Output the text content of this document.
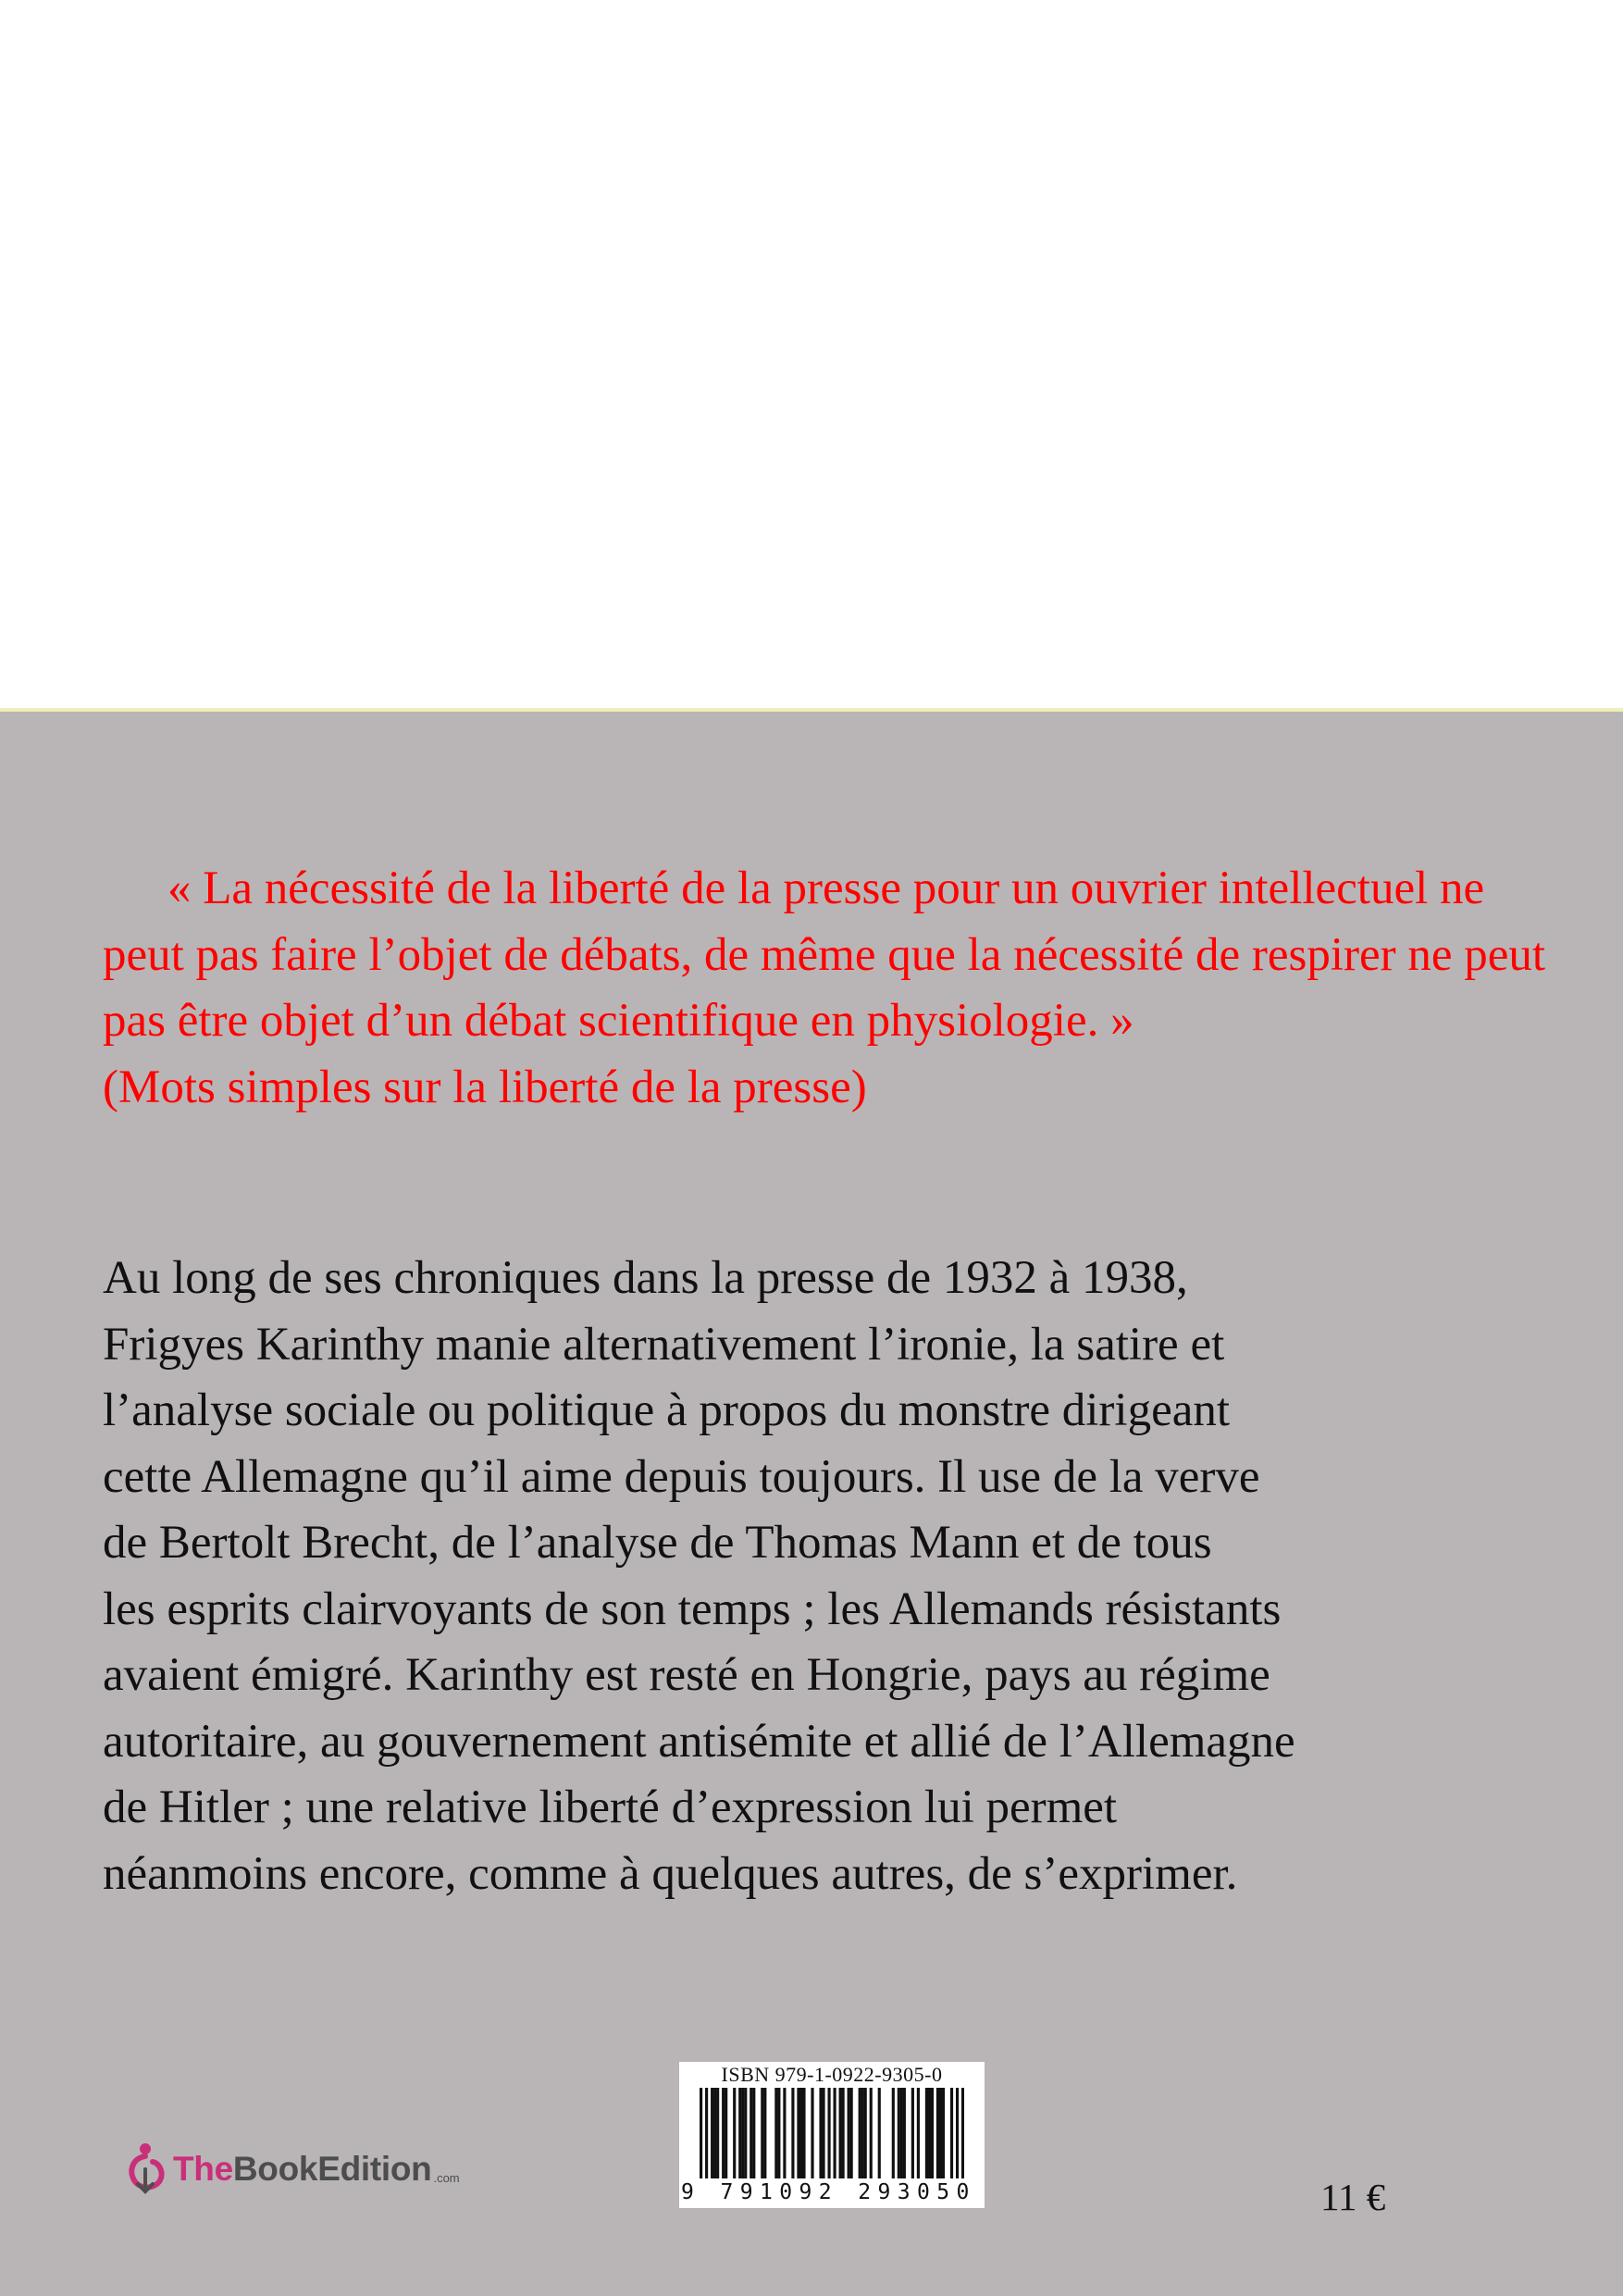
« La nécessité de la liberté de la presse pour un ouvrier intellectuel ne peut pas faire l’objet de débats, de même que la nécessité de respirer ne peut pas être objet d’un débat scientifique en physiologie. »

(Mots simples sur la liberté de la presse)

Au long de ses chroniques dans la presse de 1932 à 1938,

Frigyes Karinthy manie alternativement l’ironie, la satire et

l’analyse sociale ou politique à propos du monstre dirigeant

cette Allemagne qu’il aime depuis toujours. Il use de la verve

de Bertolt Brecht, de l’analyse de Thomas Mann et de tous

les esprits clairvoyants de son temps ; les Allemands résistants

avaient émigré. Karinthy est resté en Hongrie, pays au régime

autoritaire, au gouvernement antisémite et allié de l’Allemagne

de Hitler ; une relative liberté d’expression lui permet

néanmoins encore, comme à quelques autres, de s’exprimer.

TheBookEdition .com
ISBN 979-1-0922-9305-0
9 791092 293050	11 €
